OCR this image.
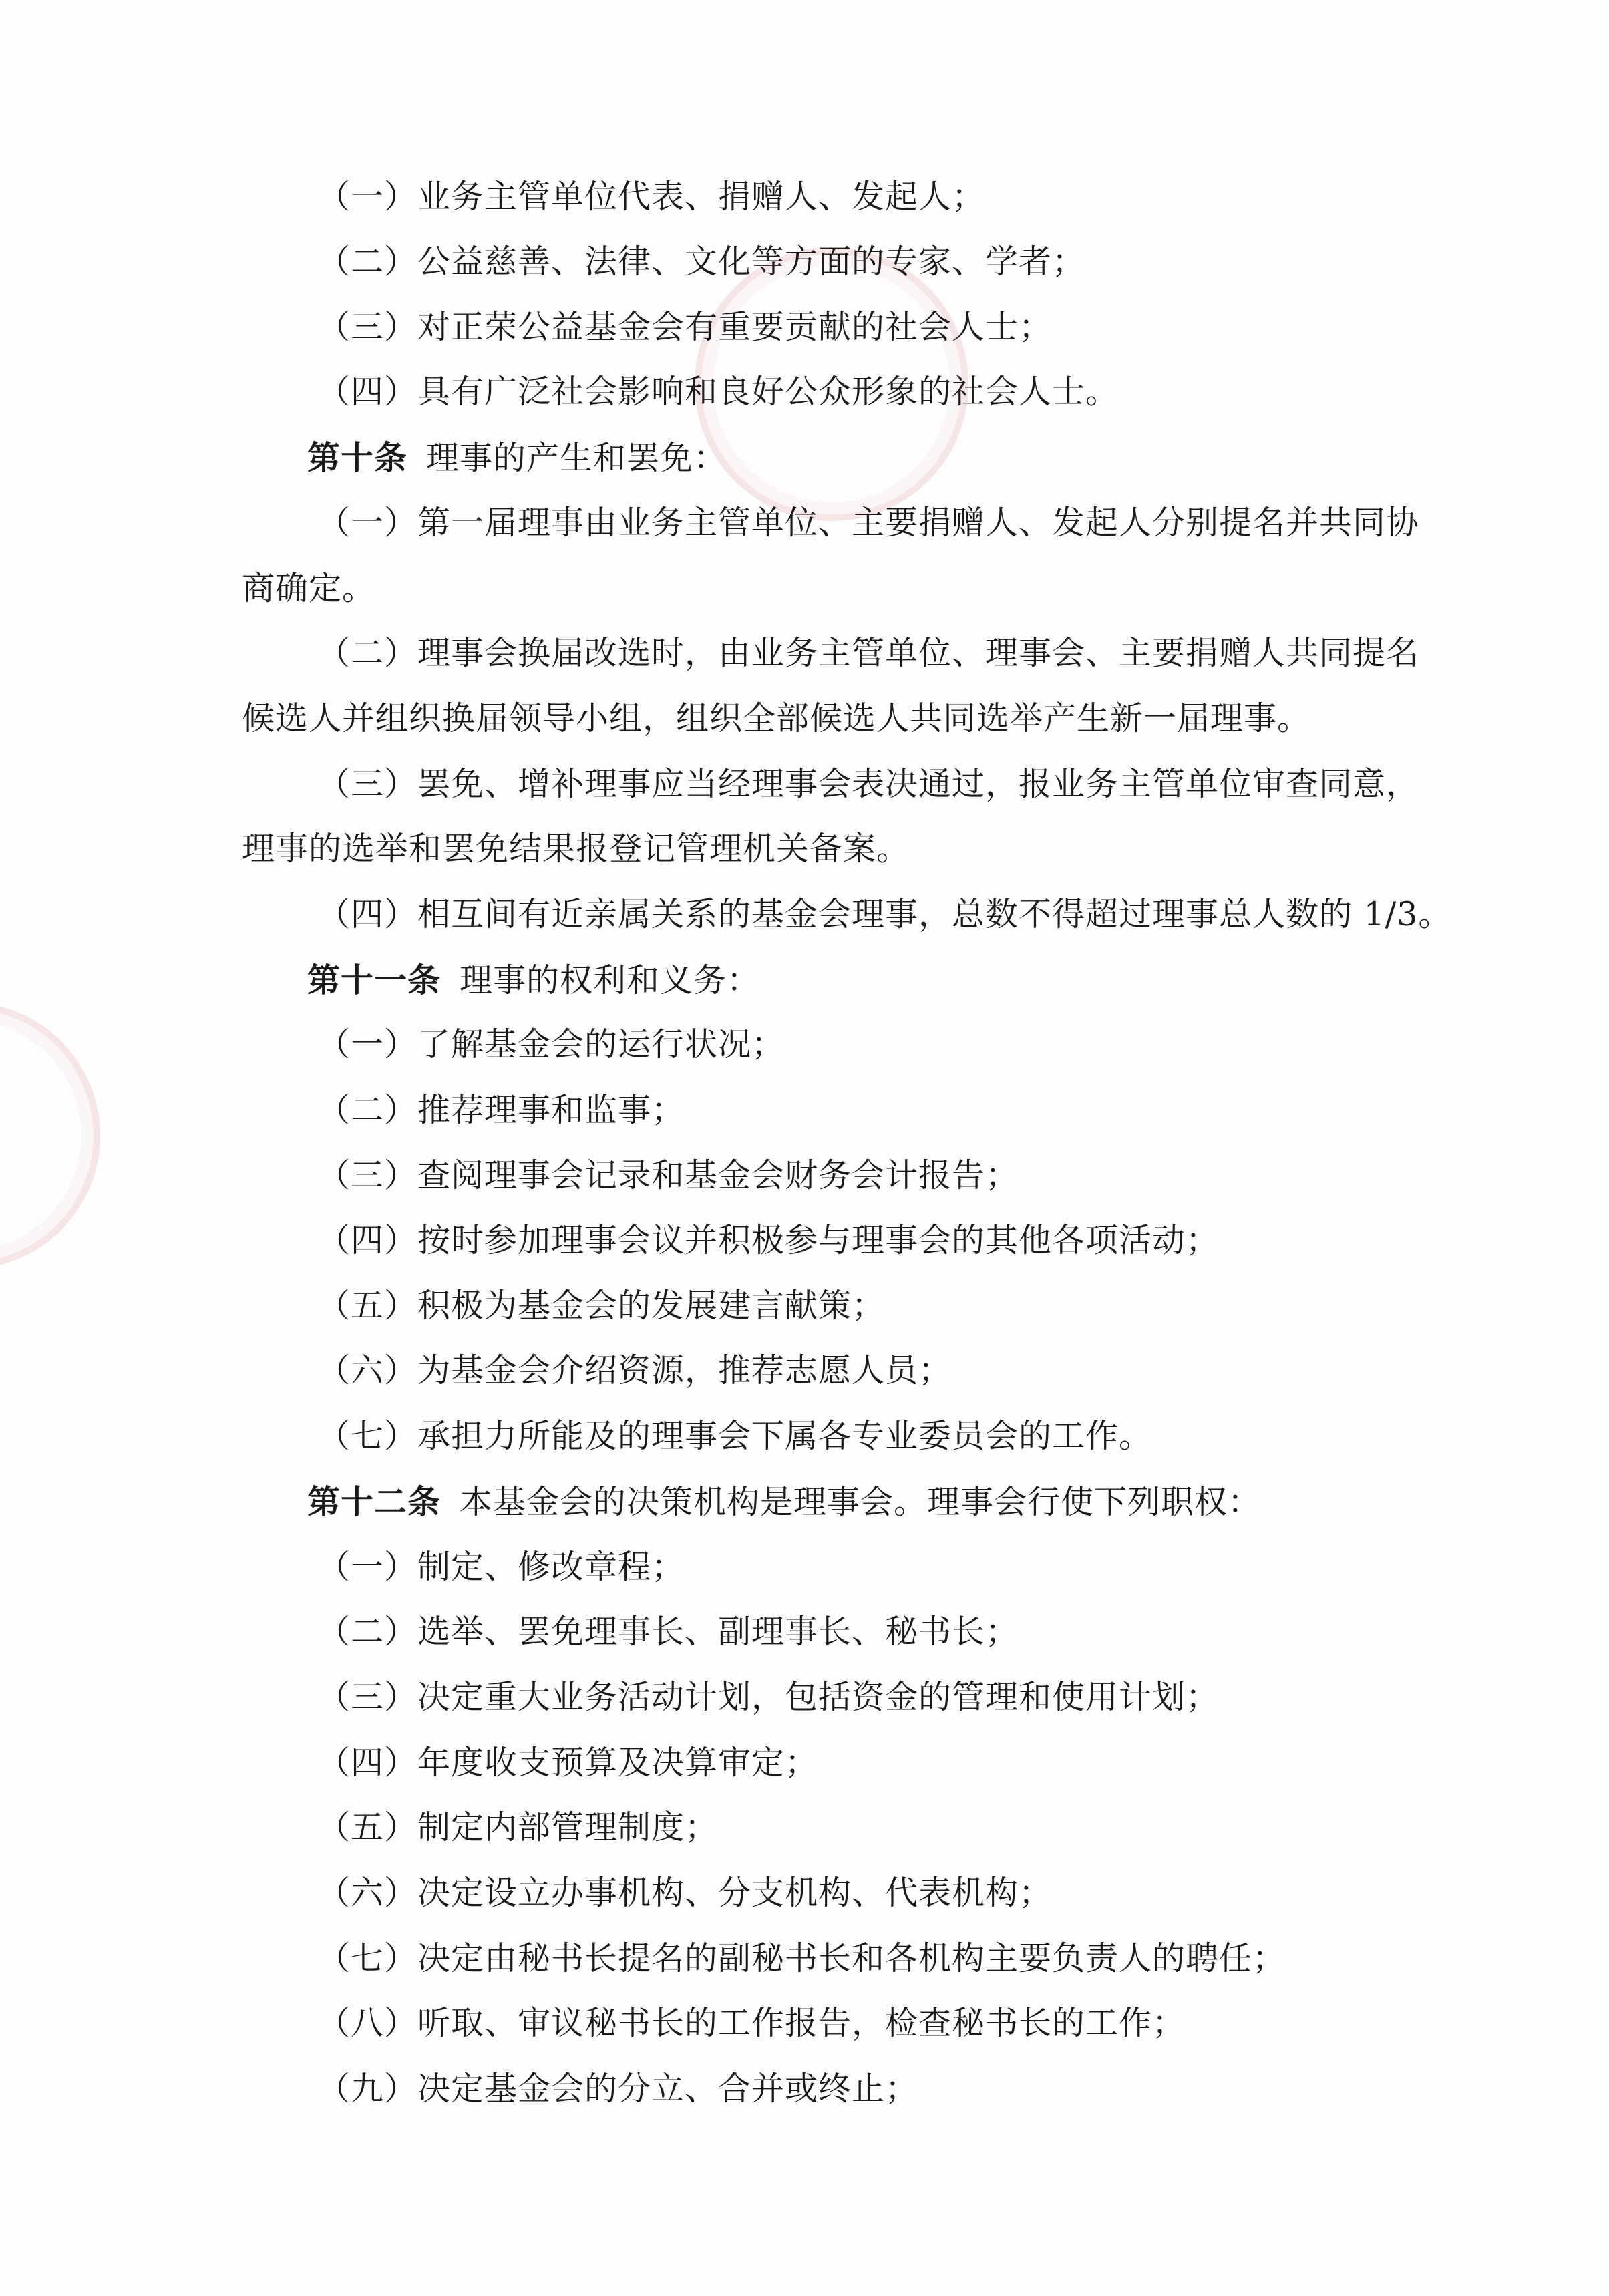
（一）业务主管单位代表、捐赠人、发起人；
（二）公益慈善、法律、文化等方面的专家、学者；
（三）对正荣公益基金会有重要贡献的社会人士；
（四）具有广泛社会影响和良好公众形象的社会人士。
第十条 理事的产生和罢免：
（一）第一届理事由业务主管单位、主要捐赠人、发起人分别提名并共同协
商确定。
（二）理事会换届改选时，由业务主管单位、理事会、主要捐赠人共同提名
候选人并组织换届领导小组，组织全部候选人共同选举产生新一届理事。
（三）罢免、增补理事应当经理事会表决通过，报业务主管单位审查同意，
理事的选举和罢免结果报登记管理机关备案。
（四）相互间有近亲属关系的基金会理事，总数不得超过理事总人数的 1/3。
第十一条 理事的权利和义务：
（一）了解基金会的运行状况；
（二）推荐理事和监事；
（三）查阅理事会记录和基金会财务会计报告；
（四）按时参加理事会议并积极参与理事会的其他各项活动；
（五）积极为基金会的发展建言献策；
（六）为基金会介绍资源，推荐志愿人员；
（七）承担力所能及的理事会下属各专业委员会的工作。
第十二条 本基金会的决策机构是理事会。理事会行使下列职权：
（一）制定、修改章程；
（二）选举、罢免理事长、副理事长、秘书长；
（三）决定重大业务活动计划，包括资金的管理和使用计划；
（四）年度收支预算及决算审定；
（五）制定内部管理制度；
（六）决定设立办事机构、分支机构、代表机构；
（七）决定由秘书长提名的副秘书长和各机构主要负责人的聘任；
（八）听取、审议秘书长的工作报告，检查秘书长的工作；
（九）决定基金会的分立、合并或终止；
